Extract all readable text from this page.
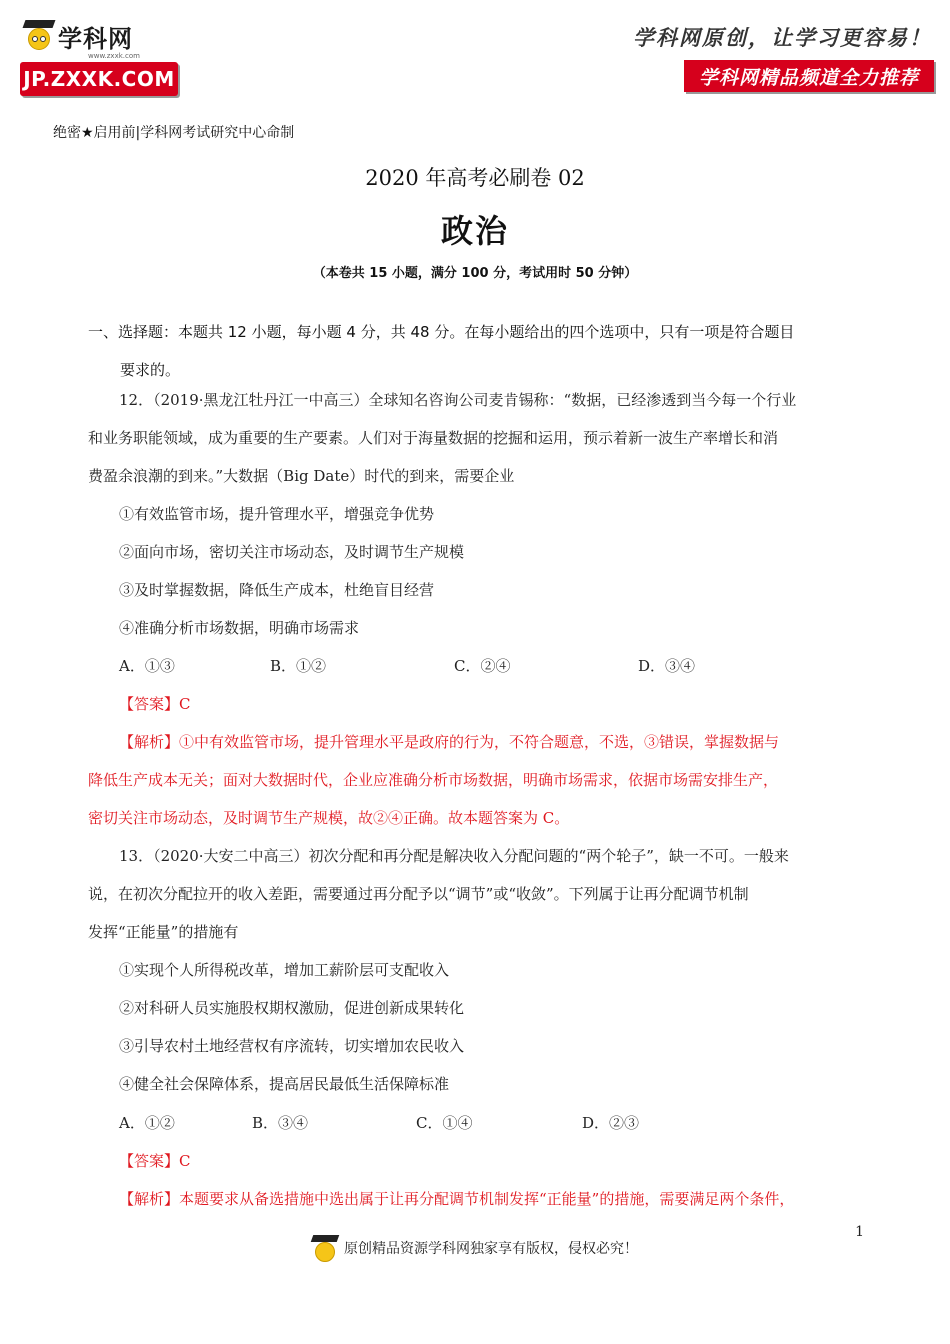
学科网
www.zxxk.com
JP.ZXXK.COM
学科网原创，让学习更容易！
学科网精品频道全力推荐
绝密★启用前|学科网考试研究中心命制
2020 年高考必刷卷 02
政治
（本卷共 15 小题，满分 100 分，考试用时 50 分钟）
一、选择题：本题共 12 小题，每小题 4 分，共 48 分。在每小题给出的四个选项中，只有一项是符合题目
要求的。
12．（2019·黑龙江牡丹江一中高三）全球知名咨询公司麦肯锡称：“数据，已经渗透到当今每一个行业
和业务职能领域，成为重要的生产要素。人们对于海量数据的挖掘和运用，预示着新一波生产率增长和消
费盈余浪潮的到来。”大数据（Big Date）时代的到来，需要企业
①有效监管市场，提升管理水平，增强竞争优势
②面向市场，密切关注市场动态，及时调节生产规模
③及时掌握数据，降低生产成本，杜绝盲目经营
④准确分析市场数据，明确市场需求
A．①③	B．①②	C．②④	D．③④
【答案】C
【解析】①中有效监管市场，提升管理水平是政府的行为，不符合题意，不选，③错误，掌握数据与
降低生产成本无关；面对大数据时代，企业应准确分析市场数据，明确市场需求，依据市场需安排生产，
密切关注市场动态，及时调节生产规模，故②④正确。故本题答案为 C。
13．（2020·大安二中高三）初次分配和再分配是解决收入分配问题的“两个轮子”，缺一不可。一般来
说，在初次分配拉开的收入差距，需要通过再分配予以“调节”或“收敛”。下列属于让再分配调节机制
发挥“正能量”的措施有
①实现个人所得税改革，增加工薪阶层可支配收入
②对科研人员实施股权期权激励，促进创新成果转化
③引导农村土地经营权有序流转，切实增加农民收入
④健全社会保障体系，提高居民最低生活保障标准
A．①②	B．③④	C．①④	D．②③
【答案】C
【解析】本题要求从备选措施中选出属于让再分配调节机制发挥“正能量”的措施，需要满足两个条件，
原创精品资源学科网独家享有版权，侵权必究！
1
